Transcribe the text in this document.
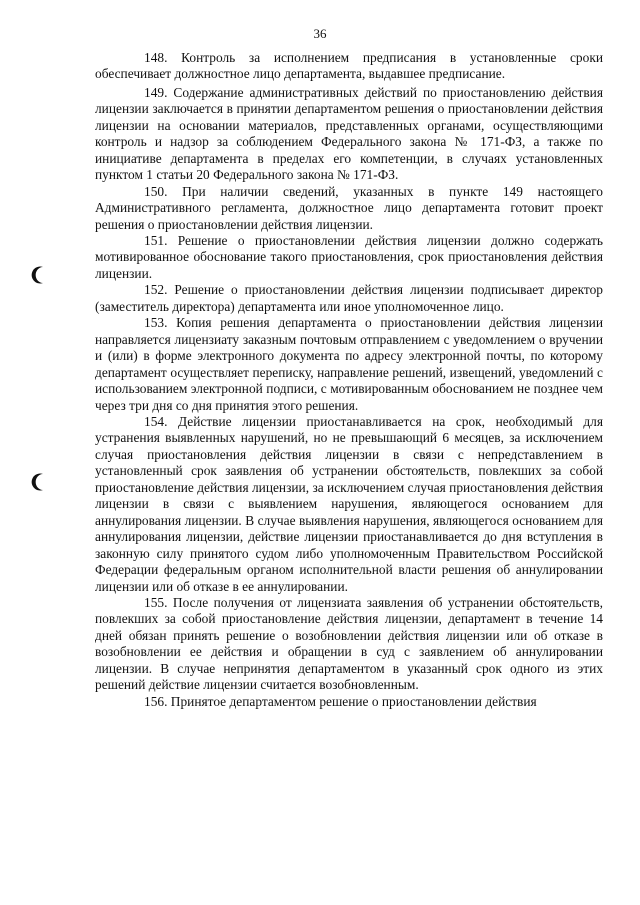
36

148. Контроль за исполнением предписания в установленные сроки обеспечивает должностное лицо департамента, выдавшее предписание.

149. Содержание административных действий по приостановлению действия лицензии заключается в принятии департаментом решения о приостановлении действия лицензии на основании материалов, представленных органами, осуществляющими контроль и надзор за соблюдением Федерального закона № 171-ФЗ, а также по инициативе департамента в пределах его компетенции, в случаях установленных пунктом 1 статьи 20 Федерального закона № 171-ФЗ.

150. При наличии сведений, указанных в пункте 149 настоящего Административного регламента, должностное лицо департамента готовит проект решения о приостановлении действия лицензии.

151. Решение о приостановлении действия лицензии должно содержать мотивированное обоснование такого приостановления, срок приостановления действия лицензии.

152. Решение о приостановлении действия лицензии подписывает директор (заместитель директора) департамента или иное уполномоченное лицо.

153. Копия решения департамента о приостановлении действия лицензии направляется лицензиату заказным почтовым отправлением с уведомлением о вручении и (или) в форме электронного документа по адресу электронной почты, по которому департамент осуществляет переписку, направление решений, извещений, уведомлений с использованием электронной подписи, с мотивированным обоснованием не позднее чем через три дня со дня принятия этого решения.

154. Действие лицензии приостанавливается на срок, необходимый для устранения выявленных нарушений, но не превышающий 6 месяцев, за исключением случая приостановления действия лицензии в связи с непредставлением в установленный срок заявления об устранении обстоятельств, повлекших за собой приостановление действия лицензии, за исключением случая приостановления действия лицензии в связи с выявлением нарушения, являющегося основанием для аннулирования лицензии. В случае выявления нарушения, являющегося основанием для аннулирования лицензии, действие лицензии приостанавливается до дня вступления в законную силу принятого судом либо уполномоченным Правительством Российской Федерации федеральным органом исполнительной власти решения об аннулировании лицензии или об отказе в ее аннулировании.

155. После получения от лицензиата заявления об устранении обстоятельств, повлекших за собой приостановление действия лицензии, департамент в течение 14 дней обязан принять решение о возобновлении действия лицензии или об отказе в возобновлении ее действия и обращении в суд с заявлением об аннулировании лицензии. В случае непринятия департаментом в указанный срок одного из этих решений действие лицензии считается возобновленным.

156. Принятое департаментом решение о приостановлении действия
